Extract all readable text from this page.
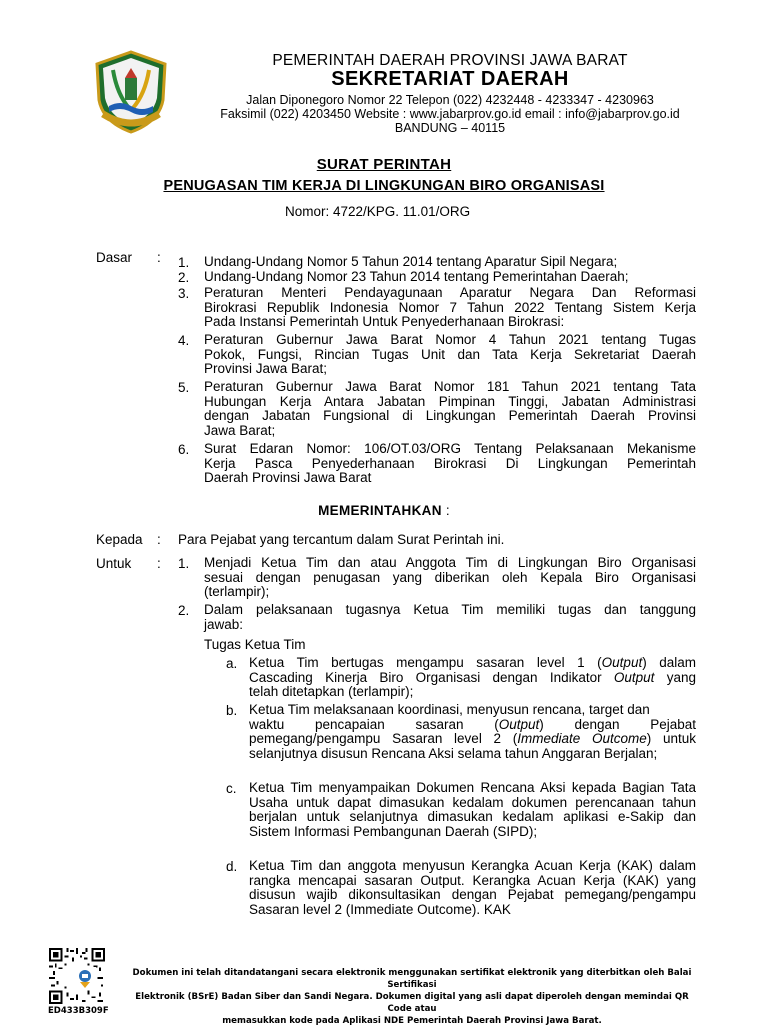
PEMERINTAH DAERAH PROVINSI JAWA BARAT
SEKRETARIAT DAERAH
Jalan Diponegoro Nomor 22 Telepon (022) 4232448 - 4233347 - 4230963
Faksimil (022) 4203450 Website : www.jabarprov.go.id email : info@jabarprov.go.id
BANDUNG – 40115
SURAT PERINTAH
PENUGASAN TIM KERJA DI LINGKUNGAN BIRO ORGANISASI
Nomor: 4722/KPG. 11.01/ORG
Dasar : 1. Undang-Undang Nomor 5 Tahun 2014 tentang Aparatur Sipil Negara;
2. Undang-Undang Nomor 23 Tahun 2014 tentang Pemerintahan Daerah;
3. Peraturan Menteri Pendayagunaan Aparatur Negara Dan Reformasi
Birokrasi Republik Indonesia Nomor 7 Tahun 2022 Tentang Sistem Kerja
Pada Instansi Pemerintah Untuk Penyederhanaan Birokrasi:
4. Peraturan Gubernur Jawa Barat Nomor 4 Tahun 2021 tentang Tugas
Pokok, Fungsi, Rincian Tugas Unit dan Tata Kerja Sekretariat Daerah
Provinsi Jawa Barat;
5. Peraturan Gubernur Jawa Barat Nomor 181 Tahun 2021 tentang Tata
Hubungan Kerja Antara Jabatan Pimpinan Tinggi, Jabatan Administrasi
dengan Jabatan Fungsional di Lingkungan Pemerintah Daerah Provinsi
Jawa Barat;
6. Surat Edaran Nomor: 106/OT.03/ORG Tentang Pelaksanaan Mekanisme
Kerja Pasca Penyederhanaan Birokrasi Di Lingkungan Pemerintah
Daerah Provinsi Jawa Barat
MEMERINTAHKAN :
Kepada : Para Pejabat yang tercantum dalam Surat Perintah ini.
Untuk : 1. Menjadi Ketua Tim dan atau Anggota Tim di Lingkungan Biro Organisasi
sesuai dengan penugasan yang diberikan oleh Kepala Biro Organisasi
(terlampir);
2. Dalam pelaksanaan tugasnya Ketua Tim memiliki tugas dan tanggung
jawab:
Tugas Ketua Tim
a. Ketua Tim bertugas mengampu sasaran level 1 (Output) dalam
Cascading Kinerja Biro Organisasi dengan Indikator Output yang
telah ditetapkan (terlampir);
b. Ketua Tim melaksanaan koordinasi, menyusun rencana, target dan
waktu pencapaian sasaran (Output) dengan Pejabat
pemegang/pengampu Sasaran level 2 (Immediate Outcome) untuk
selanjutnya disusun Rencana Aksi selama tahun Anggaran Berjalan;
c. Ketua Tim menyampaikan Dokumen Rencana Aksi kepada Bagian Tata Usaha untuk dapat dimasukan kedalam dokumen perencanaan tahun berjalan untuk selanjutnya dimasukan kedalam aplikasi e-Sakip dan Sistem Informasi Pembangunan Daerah (SIPD);
d. Ketua Tim dan anggota menyusun Kerangka Acuan Kerja (KAK) dalam rangka mencapai sasaran Output. Kerangka Acuan Kerja (KAK) yang disusun wajib dikonsultasikan dengan Pejabat pemegang/pengampu Sasaran level 2 (Immediate Outcome). KAK
ED433B309F
Dokumen ini telah ditandatangani secara elektronik menggunakan sertifikat elektronik yang diterbitkan oleh Balai Sertifikasi
Elektronik (BSrE) Badan Siber dan Sandi Negara. Dokumen digital yang asli dapat diperoleh dengan memindai QR Code atau
memasukkan kode pada Aplikasi NDE Pemerintah Daerah Provinsi Jawa Barat.
